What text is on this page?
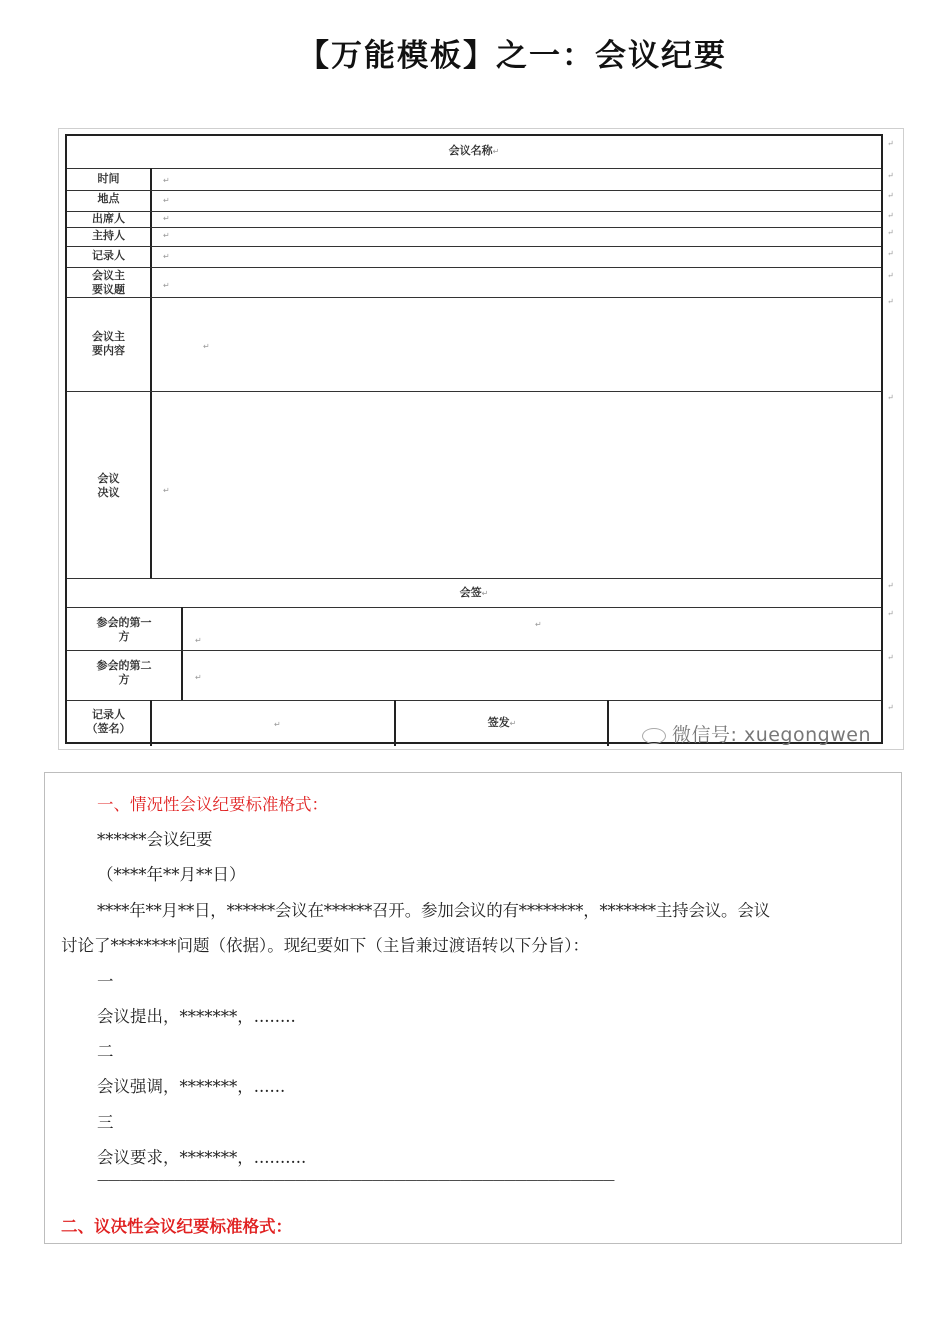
【万能模板】之一：会议纪要
会议名称↵
时间	↵
地点	↵
出席人	↵
主持人	↵
记录人	↵
会议主
要议题	↵
会议主
要内容	↵
会议
决议	↵
会签↵
参会的第一
方
↵
↵
参会的第二
方	↵
记录人
（签名）	↵	签发↵
微信号: xuegongwen
↵
↵
↵
↵
↵
↵
↵
↵
↵
↵
↵
↵
↵
一、情况性会议纪要标准格式：
******会议纪要
（****年**月**日）
****年**月**日，******会议在******召开。参加会议的有********，*******主持会议。会议
讨论了********问题（依据）。现纪要如下（主旨兼过渡语转以下分旨）：
一
会议提出，*******，........
二
会议强调，*******，......
三
会议要求，*******，..........
———————————————————————————————————————————————
二、议决性会议纪要标准格式：
